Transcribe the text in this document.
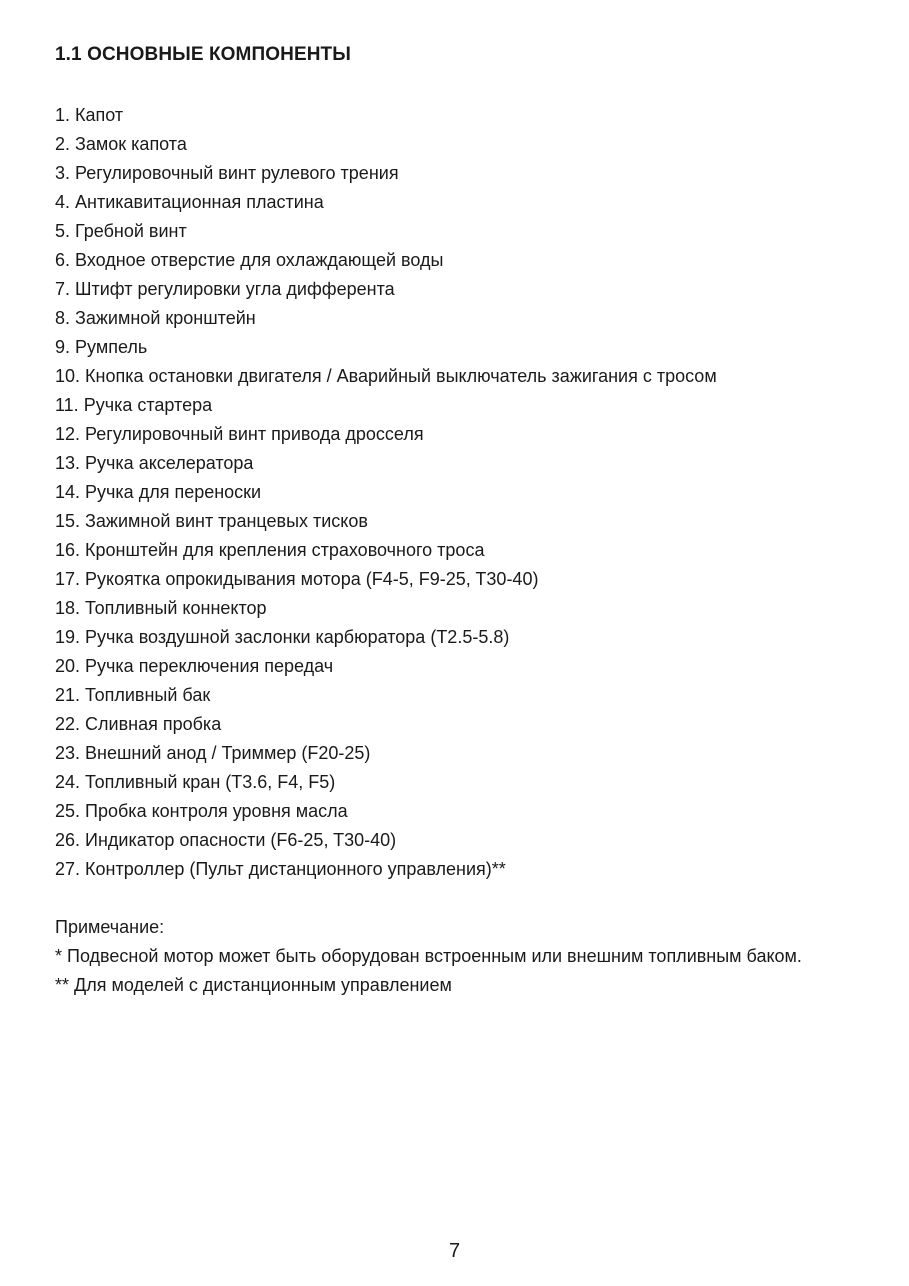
1.1 ОСНОВНЫЕ КОМПОНЕНТЫ
1. Капот
2. Замок капота
3. Регулировочный винт рулевого трения
4. Антикавитационная пластина
5. Гребной винт
6. Входное отверстие для охлаждающей воды
7. Штифт регулировки угла дифферента
8. Зажимной кронштейн
9. Румпель
10. Кнопка остановки двигателя / Аварийный выключатель зажигания с тросом
11. Ручка стартера
12. Регулировочный винт привода дросселя
13. Ручка акселератора
14. Ручка для переноски
15. Зажимной винт транцевых тисков
16. Кронштейн для крепления страховочного троса
17. Рукоятка опрокидывания мотора (F4-5, F9-25, T30-40)
18. Топливный коннектор
19. Ручка воздушной заслонки карбюратора (T2.5-5.8)
20. Ручка переключения передач
21. Топливный бак
22. Сливная пробка
23. Внешний анод / Триммер (F20-25)
24. Топливный кран (T3.6, F4, F5)
25. Пробка контроля уровня масла
26. Индикатор опасности (F6-25, T30-40)
27. Контроллер (Пульт дистанционного управления)**

Примечание:

* Подвесной мотор может быть оборудован встроенным или внешним топливным баком.

** Для моделей с дистанционным управлением

7
